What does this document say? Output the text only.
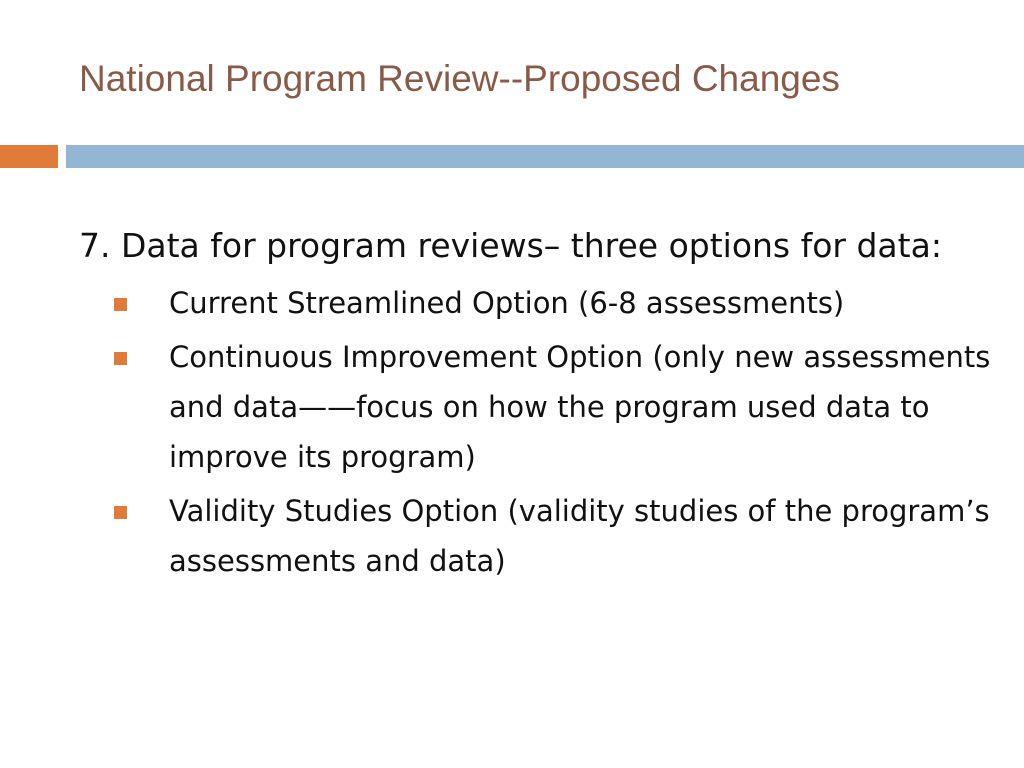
National Program Review--Proposed Changes

7. Data for program reviews– three options for data:

Current Streamlined Option (6-8 assessments)
Continuous Improvement Option (only new assessments and data——focus on how the program used data to improve its program)
Validity Studies Option (validity studies of the program’s assessments and data)
